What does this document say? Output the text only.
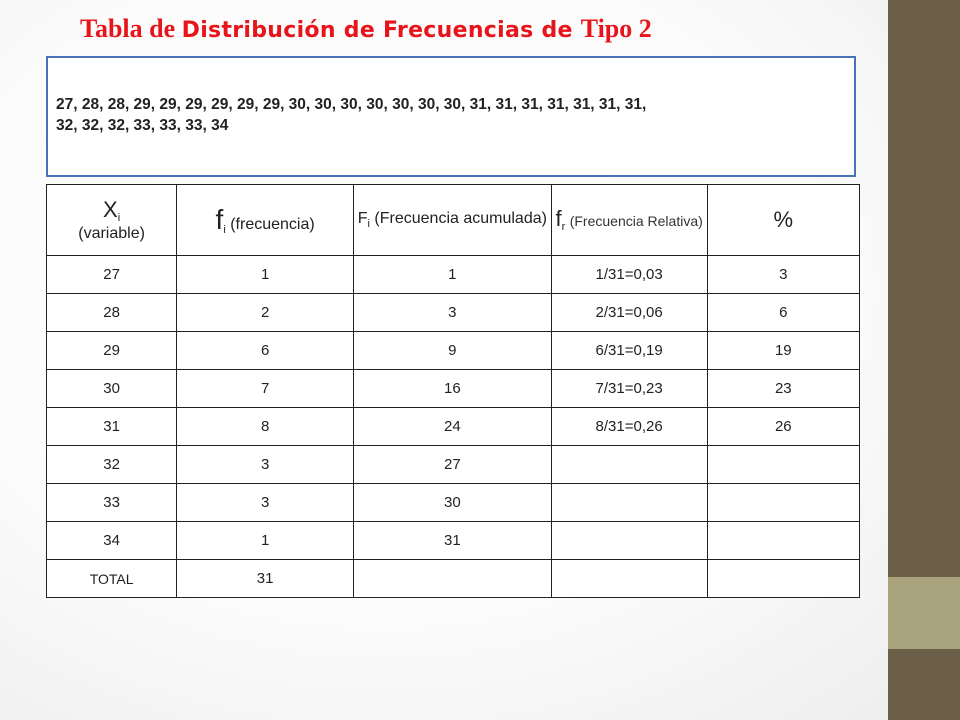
Tabla de Distribución de Frecuencias de Tipo 2
27, 28, 28, 29, 29, 29, 29, 29, 29, 30, 30, 30, 30, 30, 30, 30, 31, 31, 31, 31, 31, 31, 31,
32, 32, 32, 33, 33, 33, 34
$X_i$
(variable)	$f_i$ (frecuencia)	$F_i$ (Frecuencia acumulada)	$f_r$ (Frecuencia Relativa)	%
27	1	1	1/31=0,03	3
28	2	3	2/31=0,06	6
29	6	9	6/31=0,19	19
30	7	16	7/31=0,23	23
31	8	24	8/31=0,26	26
32	3	27		
33	3	30		
34	1	31		
TOTAL	31			
